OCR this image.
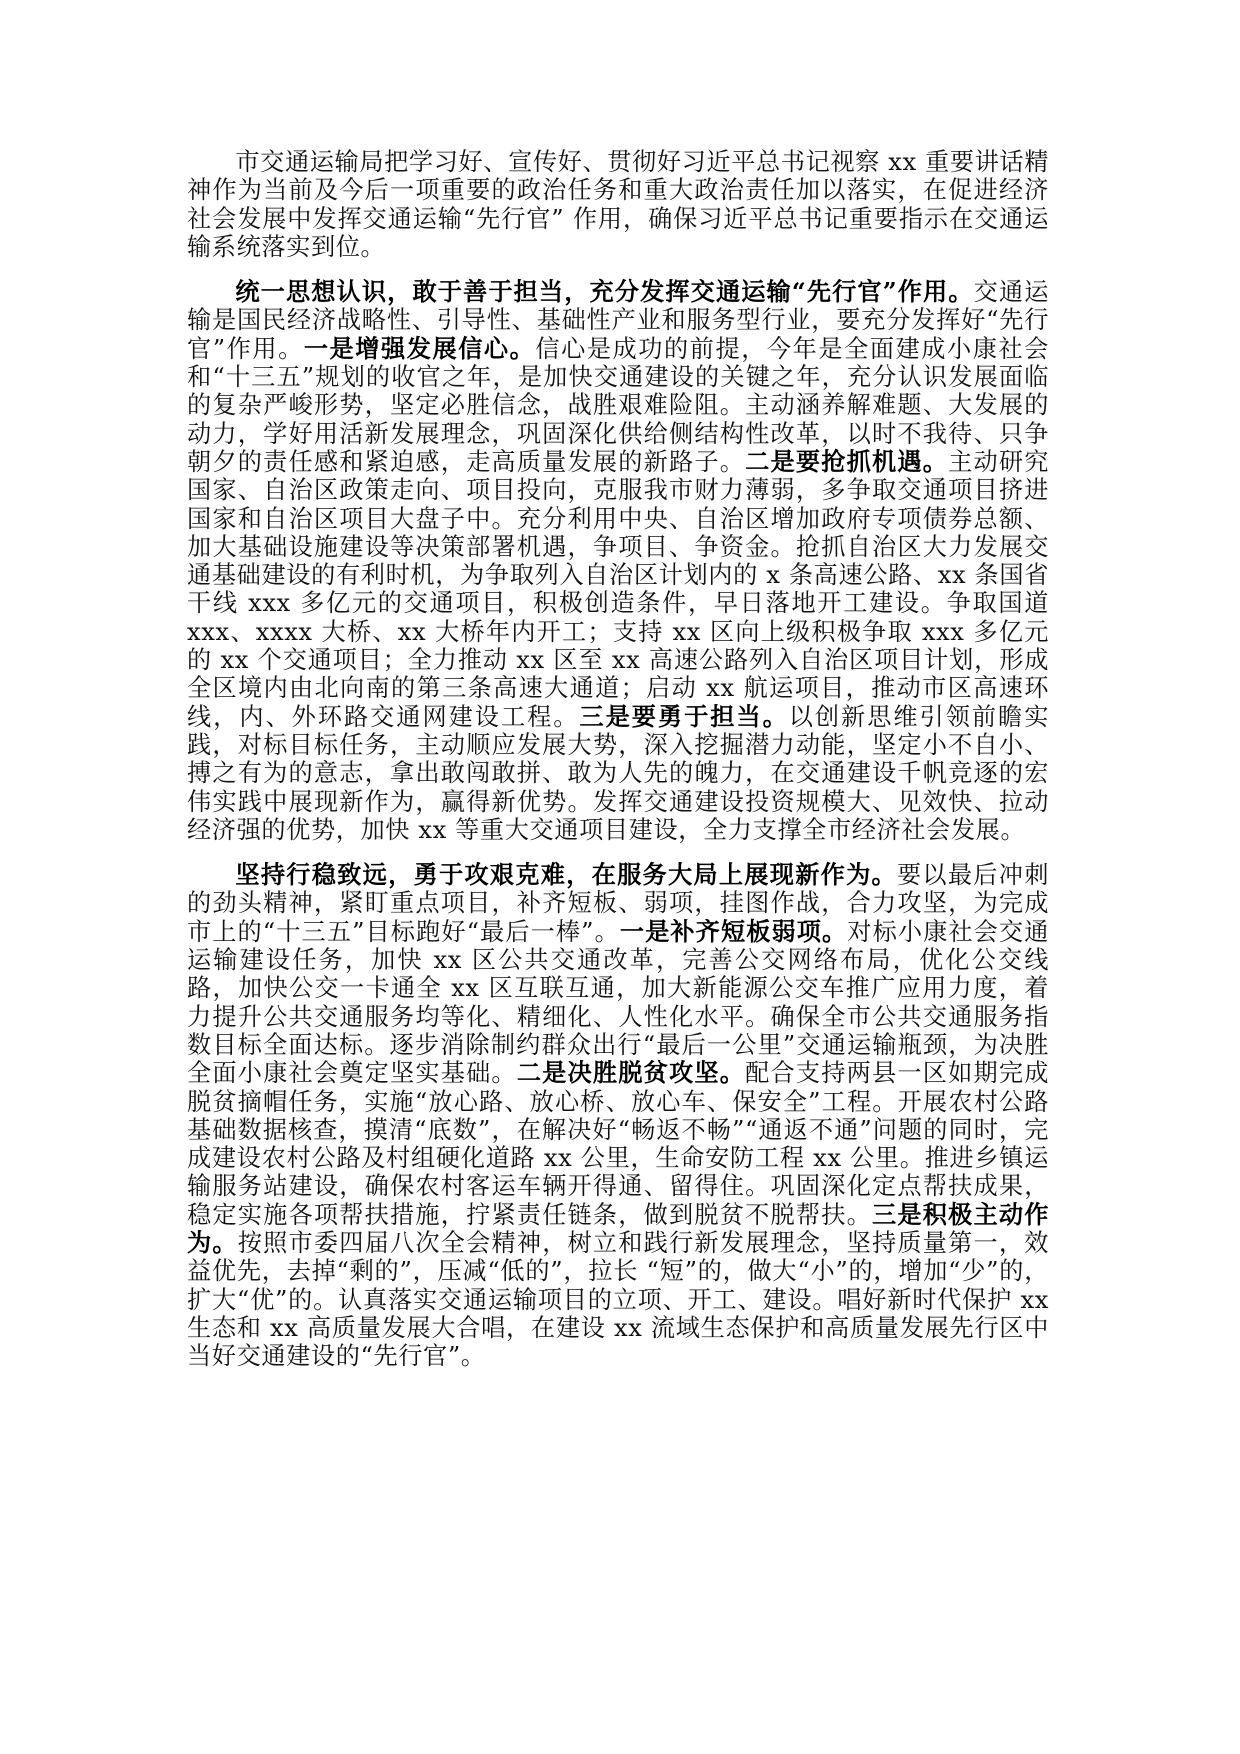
市交通运输局把学习好、宣传好、贯彻好习近平总书记视察 xx 重要讲话精神作为当前及今后一项重要的政治任务和重大政治责任加以落实，在促进经济社会发展中发挥交通运输“先行官” 作用，确保习近平总书记重要指示在交通运输系统落实到位。

统一思想认识，敢于善于担当，充分发挥交通运输“先行官”作用。交通运输是国民经济战略性、引导性、基础性产业和服务型行业，要充分发挥好“先行官”作用。一是增强发展信心。信心是成功的前提，今年是全面建成小康社会和“十三五”规划的收官之年，是加快交通建设的关键之年，充分认识发展面临的复杂严峻形势，坚定必胜信念，战胜艰难险阻。主动涵养解难题、大发展的动力，学好用活新发展理念，巩固深化供给侧结构性改革，以时不我待、只争朝夕的责任感和紧迫感，走高质量发展的新路子。二是要抢抓机遇。主动研究国家、自治区政策走向、项目投向，克服我市财力薄弱，多争取交通项目挤进国家和自治区项目大盘子中。充分利用中央、自治区增加政府专项债券总额、加大基础设施建设等决策部署机遇，争项目、争资金。抢抓自治区大力发展交通基础建设的有利时机，为争取列入自治区计划内的 x 条高速公路、xx 条国省干线 xxx 多亿元的交通项目，积极创造条件，早日落地开工建设。争取国道 xxx、xxxx 大桥、xx 大桥年内开工；支持 xx 区向上级积极争取 xxx 多亿元的 xx 个交通项目；全力推动 xx 区至 xx 高速公路列入自治区项目计划，形成全区境内由北向南的第三条高速大通道；启动 xx 航运项目，推动市区高速环线，内、外环路交通网建设工程。三是要勇于担当。以创新思维引领前瞻实践，对标目标任务，主动顺应发展大势，深入挖掘潜力动能，坚定小不自小、搏之有为的意志，拿出敢闯敢拼、敢为人先的魄力，在交通建设千帆竞逐的宏伟实践中展现新作为，赢得新优势。发挥交通建设投资规模大、见效快、拉动经济强的优势，加快 xx 等重大交通项目建设，全力支撑全市经济社会发展。

坚持行稳致远，勇于攻艰克难，在服务大局上展现新作为。要以最后冲刺的劲头精神，紧盯重点项目，补齐短板、弱项，挂图作战，合力攻坚，为完成市上的“十三五”目标跑好“最后一棒”。一是补齐短板弱项。对标小康社会交通运输建设任务，加快 xx 区公共交通改革，完善公交网络布局，优化公交线路，加快公交一卡通全 xx 区互联互通，加大新能源公交车推广应用力度，着力提升公共交通服务均等化、精细化、人性化水平。确保全市公共交通服务指数目标全面达标。逐步消除制约群众出行“最后一公里”交通运输瓶颈，为决胜全面小康社会奠定坚实基础。二是决胜脱贫攻坚。配合支持两县一区如期完成脱贫摘帽任务，实施“放心路、放心桥、放心车、保安全”工程。开展农村公路基础数据核查，摸清“底数”，在解决好“畅返不畅”“通返不通”问题的同时，完成建设农村公路及村组硬化道路 xx 公里，生命安防工程 xx 公里。推进乡镇运输服务站建设，确保农村客运车辆开得通、留得住。巩固深化定点帮扶成果，稳定实施各项帮扶措施，拧紧责任链条，做到脱贫不脱帮扶。三是积极主动作为。按照市委四届八次全会精神，树立和践行新发展理念，坚持质量第一，效益优先，去掉“剩的”，压减“低的”，拉长 “短”的，做大“小”的，增加“少”的，扩大“优”的。认真落实交通运输项目的立项、开工、建设。唱好新时代保护 xx 生态和 xx 高质量发展大合唱，在建设 xx 流域生态保护和高质量发展先行区中当好交通建设的“先行官”。
